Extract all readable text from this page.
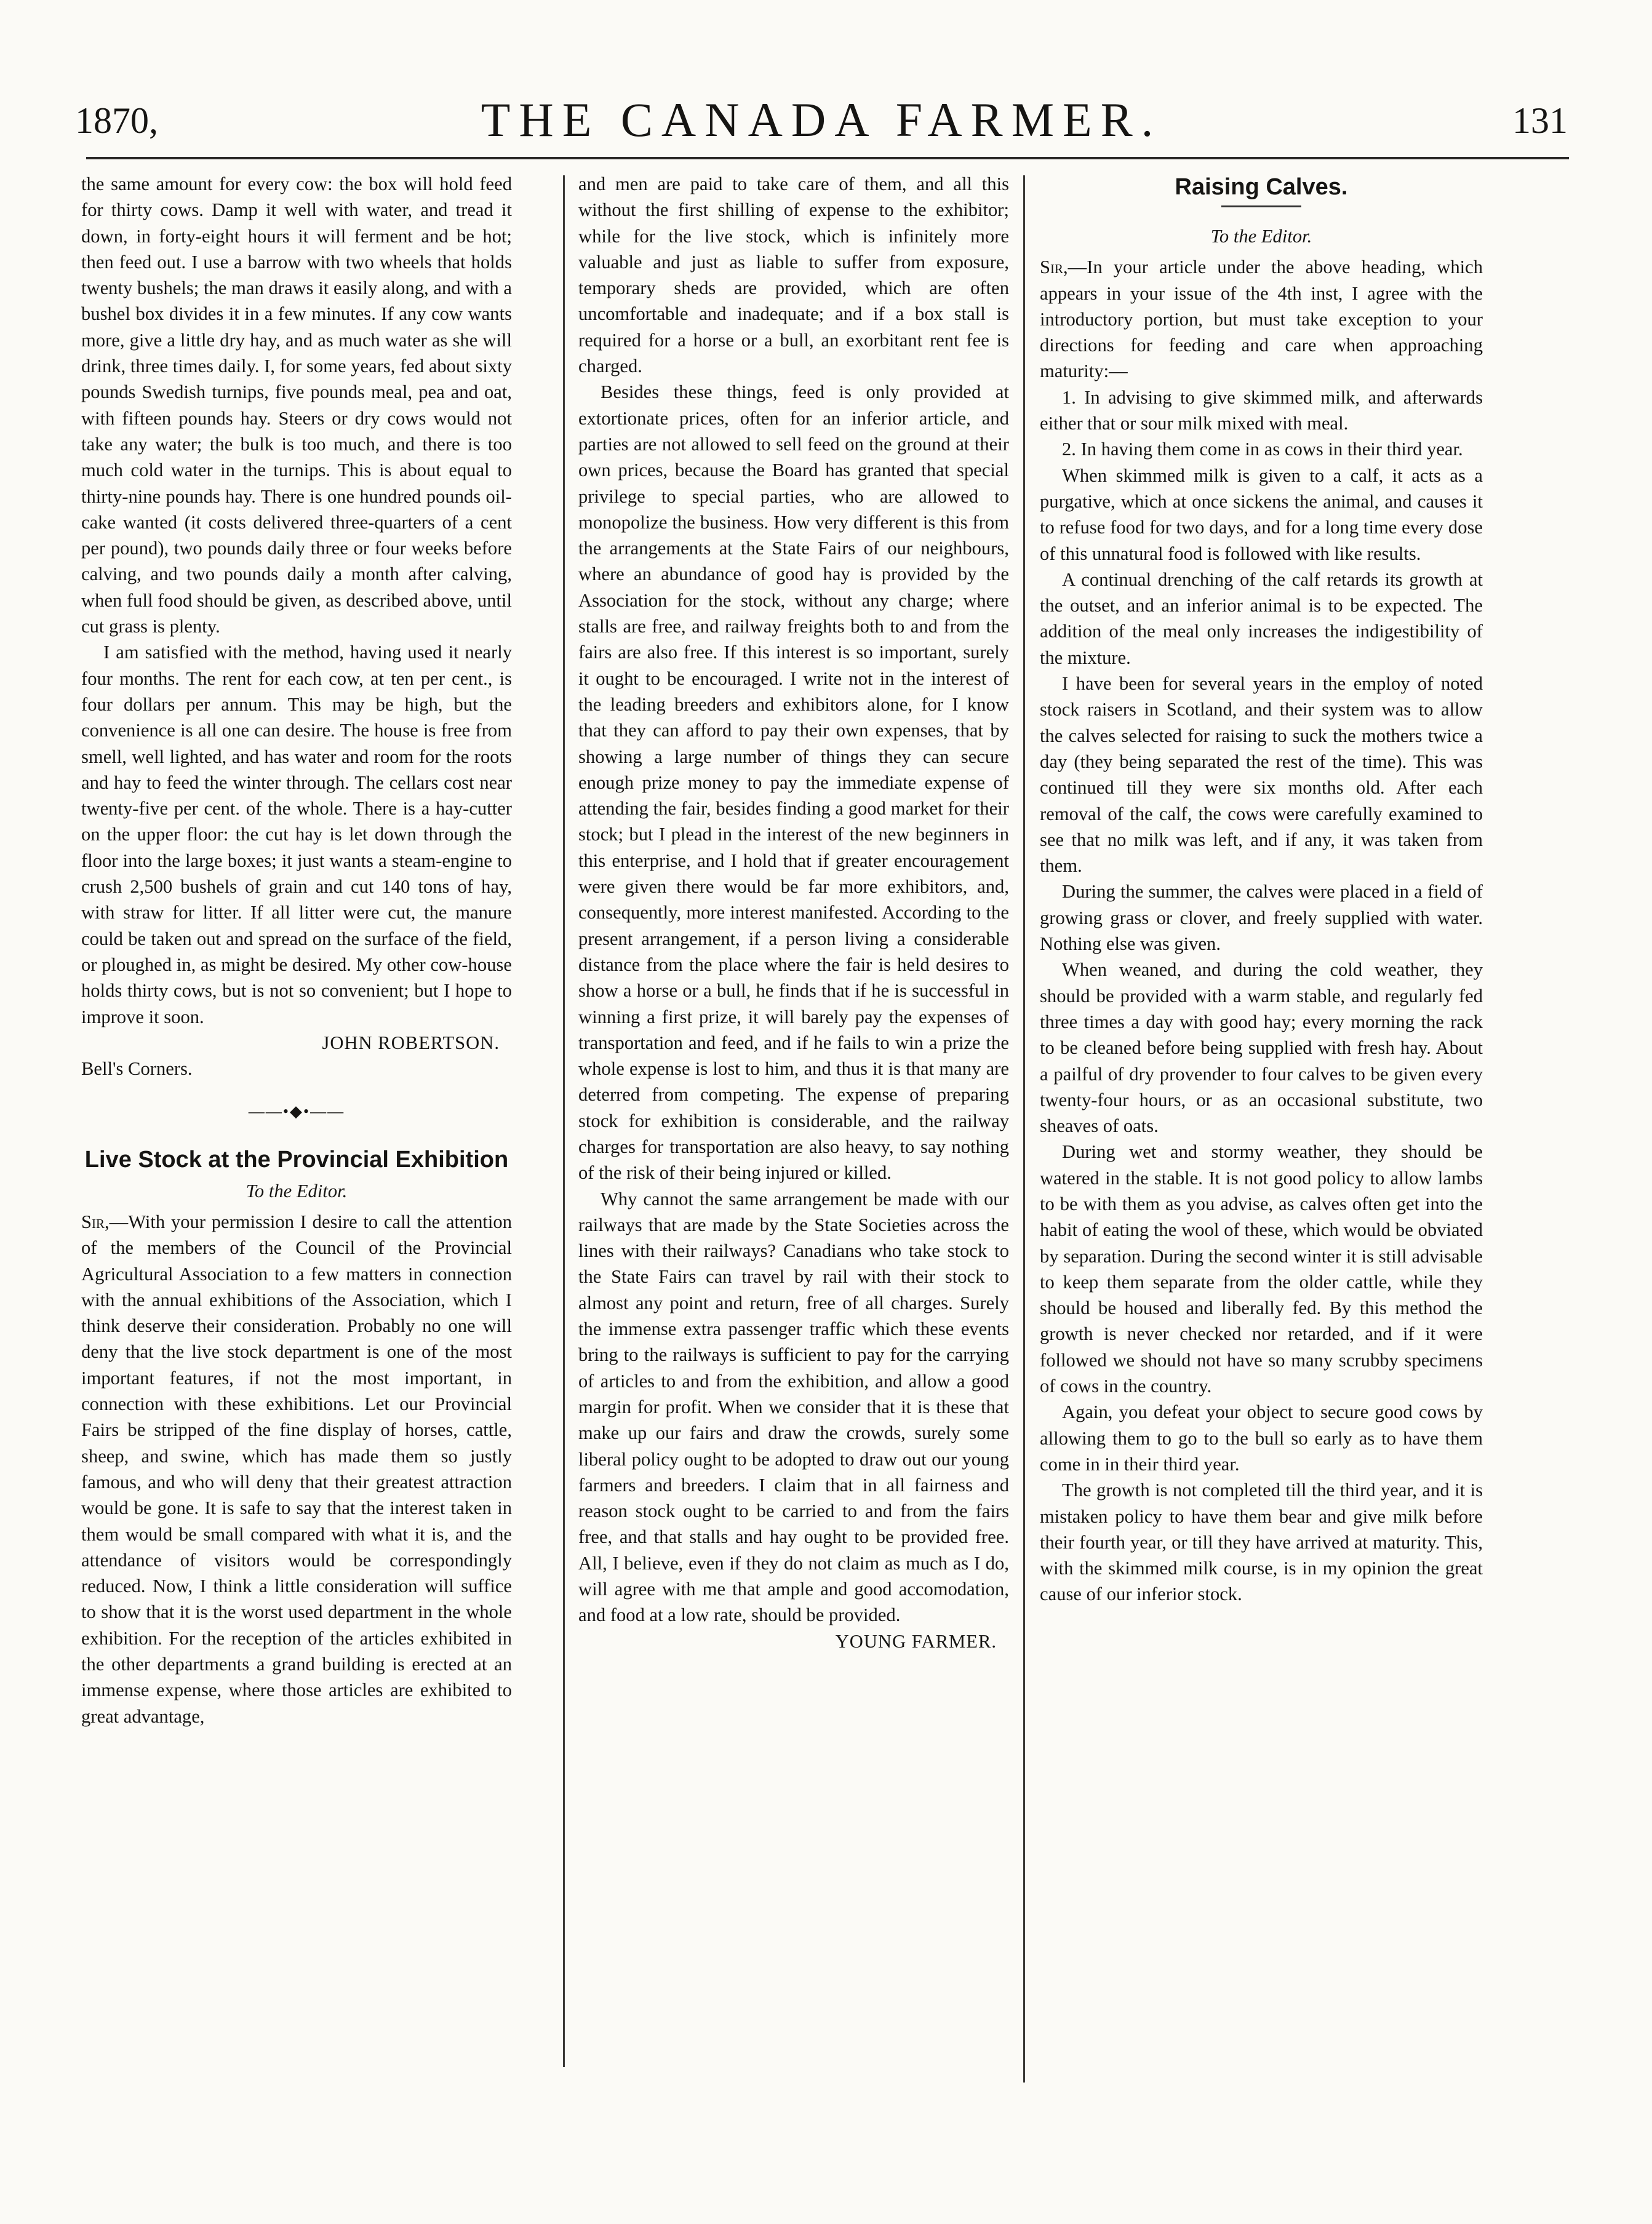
1870,	THE CANADA FARMER.	131

the same amount for every cow: the box will hold feed for thirty cows. Damp it well with water, and tread it down, in forty-eight hours it will ferment and be hot; then feed out. I use a barrow with two wheels that holds twenty bushels; the man draws it easily along, and with a bushel box divides it in a few minutes. If any cow wants more, give a little dry hay, and as much water as she will drink, three times daily. I, for some years, fed about sixty pounds Swedish turnips, five pounds meal, pea and oat, with fifteen pounds hay. Steers or dry cows would not take any water; the bulk is too much, and there is too much cold water in the turnips. This is about equal to thirty-nine pounds hay. There is one hundred pounds oil-cake wanted (it costs delivered three-quarters of a cent per pound), two pounds daily three or four weeks before calving, and two pounds daily a month after calving, when full food should be given, as described above, until cut grass is plenty.

I am satisfied with the method, having used it nearly four months. The rent for each cow, at ten per cent., is four dollars per annum. This may be high, but the convenience is all one can desire. The house is free from smell, well lighted, and has water and room for the roots and hay to feed the winter through. The cellars cost near twenty-five per cent. of the whole. There is a hay-cutter on the upper floor: the cut hay is let down through the floor into the large boxes; it just wants a steam-engine to crush 2,500 bushels of grain and cut 140 tons of hay, with straw for litter. If all litter were cut, the manure could be taken out and spread on the surface of the field, or ploughed in, as might be desired. My other cow-house holds thirty cows, but is not so convenient; but I hope to improve it soon.

JOHN ROBERTSON.

Bell's Corners.

——•◆•——
Live Stock at the Provincial Exhibition

To the Editor.

Sir,—With your permission I desire to call the attention of the members of the Council of the Provincial Agricultural Association to a few matters in connection with the annual exhibitions of the Association, which I think deserve their consideration. Probably no one will deny that the live stock department is one of the most important features, if not the most important, in connection with these exhibitions. Let our Provincial Fairs be stripped of the fine display of horses, cattle, sheep, and swine, which has made them so justly famous, and who will deny that their greatest attraction would be gone. It is safe to say that the interest taken in them would be small compared with what it is, and the attendance of visitors would be correspondingly reduced. Now, I think a little consideration will suffice to show that it is the worst used department in the whole exhibition. For the reception of the articles exhibited in the other departments a grand building is erected at an immense expense, where those articles are exhibited to great advantage,

and men are paid to take care of them, and all this without the first shilling of expense to the exhibitor; while for the live stock, which is infinitely more valuable and just as liable to suffer from exposure, temporary sheds are provided, which are often uncomfortable and inadequate; and if a box stall is required for a horse or a bull, an exorbitant rent fee is charged.

Besides these things, feed is only provided at extortionate prices, often for an inferior article, and parties are not allowed to sell feed on the ground at their own prices, because the Board has granted that special privilege to special parties, who are allowed to monopolize the business. How very different is this from the arrangements at the State Fairs of our neighbours, where an abundance of good hay is provided by the Association for the stock, without any charge; where stalls are free, and railway freights both to and from the fairs are also free. If this interest is so important, surely it ought to be encouraged. I write not in the interest of the leading breeders and exhibitors alone, for I know that they can afford to pay their own expenses, that by showing a large number of things they can secure enough prize money to pay the immediate expense of attending the fair, besides finding a good market for their stock; but I plead in the interest of the new beginners in this enterprise, and I hold that if greater encouragement were given there would be far more exhibitors, and, consequently, more interest manifested. According to the present arrangement, if a person living a considerable distance from the place where the fair is held desires to show a horse or a bull, he finds that if he is successful in winning a first prize, it will barely pay the expenses of transportation and feed, and if he fails to win a prize the whole expense is lost to him, and thus it is that many are deterred from competing. The expense of preparing stock for exhibition is considerable, and the railway charges for transportation are also heavy, to say nothing of the risk of their being injured or killed.

Why cannot the same arrangement be made with our railways that are made by the State Societies across the lines with their railways? Canadians who take stock to the State Fairs can travel by rail with their stock to almost any point and return, free of all charges. Surely the immense extra passenger traffic which these events bring to the railways is sufficient to pay for the carrying of articles to and from the exhibition, and allow a good margin for profit. When we consider that it is these that make up our fairs and draw the crowds, surely some liberal policy ought to be adopted to draw out our young farmers and breeders. I claim that in all fairness and reason stock ought to be carried to and from the fairs free, and that stalls and hay ought to be provided free. All, I believe, even if they do not claim as much as I do, will agree with me that ample and good accomodation, and food at a low rate, should be provided.

YOUNG FARMER.

Raising Calves.

To the Editor.

Sir,—In your article under the above heading, which appears in your issue of the 4th inst, I agree with the introductory portion, but must take exception to your directions for feeding and care when approaching maturity:—

1. In advising to give skimmed milk, and afterwards either that or sour milk mixed with meal.

2. In having them come in as cows in their third year.

When skimmed milk is given to a calf, it acts as a purgative, which at once sickens the animal, and causes it to refuse food for two days, and for a long time every dose of this unnatural food is followed with like results.

A continual drenching of the calf retards its growth at the outset, and an inferior animal is to be expected. The addition of the meal only increases the indigestibility of the mixture.

I have been for several years in the employ of noted stock raisers in Scotland, and their system was to allow the calves selected for raising to suck the mothers twice a day (they being separated the rest of the time). This was continued till they were six months old. After each removal of the calf, the cows were carefully examined to see that no milk was left, and if any, it was taken from them.

During the summer, the calves were placed in a field of growing grass or clover, and freely supplied with water. Nothing else was given.

When weaned, and during the cold weather, they should be provided with a warm stable, and regularly fed three times a day with good hay; every morning the rack to be cleaned before being supplied with fresh hay. About a pailful of dry provender to four calves to be given every twenty-four hours, or as an occasional substitute, two sheaves of oats.

During wet and stormy weather, they should be watered in the stable. It is not good policy to allow lambs to be with them as you advise, as calves often get into the habit of eating the wool of these, which would be obviated by separation. During the second winter it is still advisable to keep them separate from the older cattle, while they should be housed and liberally fed. By this method the growth is never checked nor retarded, and if it were followed we should not have so many scrubby specimens of cows in the country.

Again, you defeat your object to secure good cows by allowing them to go to the bull so early as to have them come in in their third year.

The growth is not completed till the third year, and it is mistaken policy to have them bear and give milk before their fourth year, or till they have arrived at maturity. This, with the skimmed milk course, is in my opinion the great cause of our inferior stock.
